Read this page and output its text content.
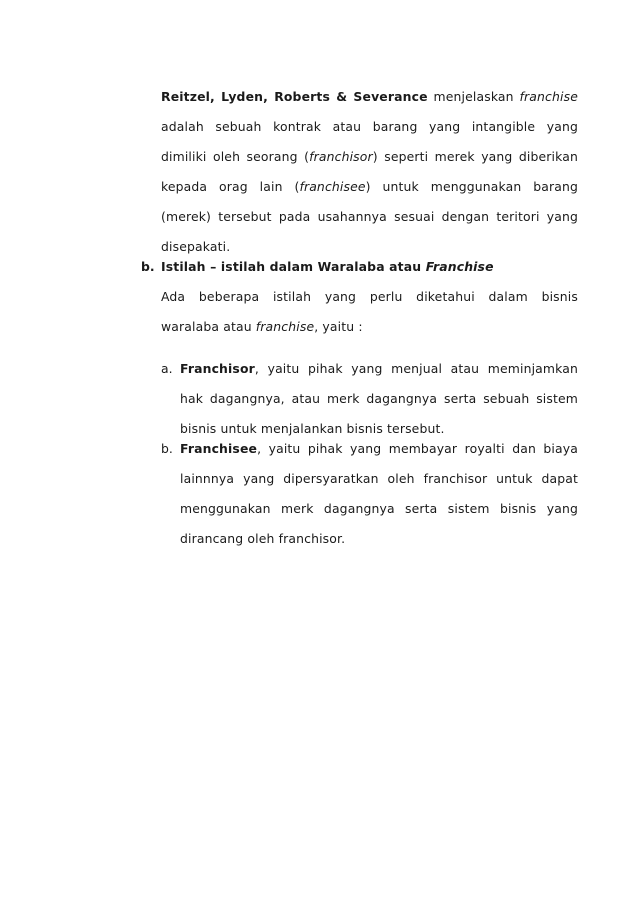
Reitzel, Lyden, Roberts & Severance menjelaskan franchise
adalah sebuah kontrak atau barang yang intangible yang
dimiliki oleh seorang (franchisor) seperti merek yang diberikan
kepada orag lain (franchisee) untuk menggunakan barang
(merek) tersebut pada usahannya sesuai dengan teritori yang
disepakati.
b. Istilah – istilah dalam Waralaba atau Franchise
Ada beberapa istilah yang perlu diketahui dalam bisnis
waralaba atau franchise, yaitu :
a. Franchisor, yaitu pihak yang menjual atau meminjamkan
hak dagangnya, atau merk dagangnya serta sebuah sistem
bisnis untuk menjalankan bisnis tersebut.
b. Franchisee, yaitu pihak yang membayar royalti dan biaya
lainnnya yang dipersyaratkan oleh franchisor untuk dapat
menggunakan merk dagangnya serta sistem bisnis yang
dirancang oleh franchisor.
